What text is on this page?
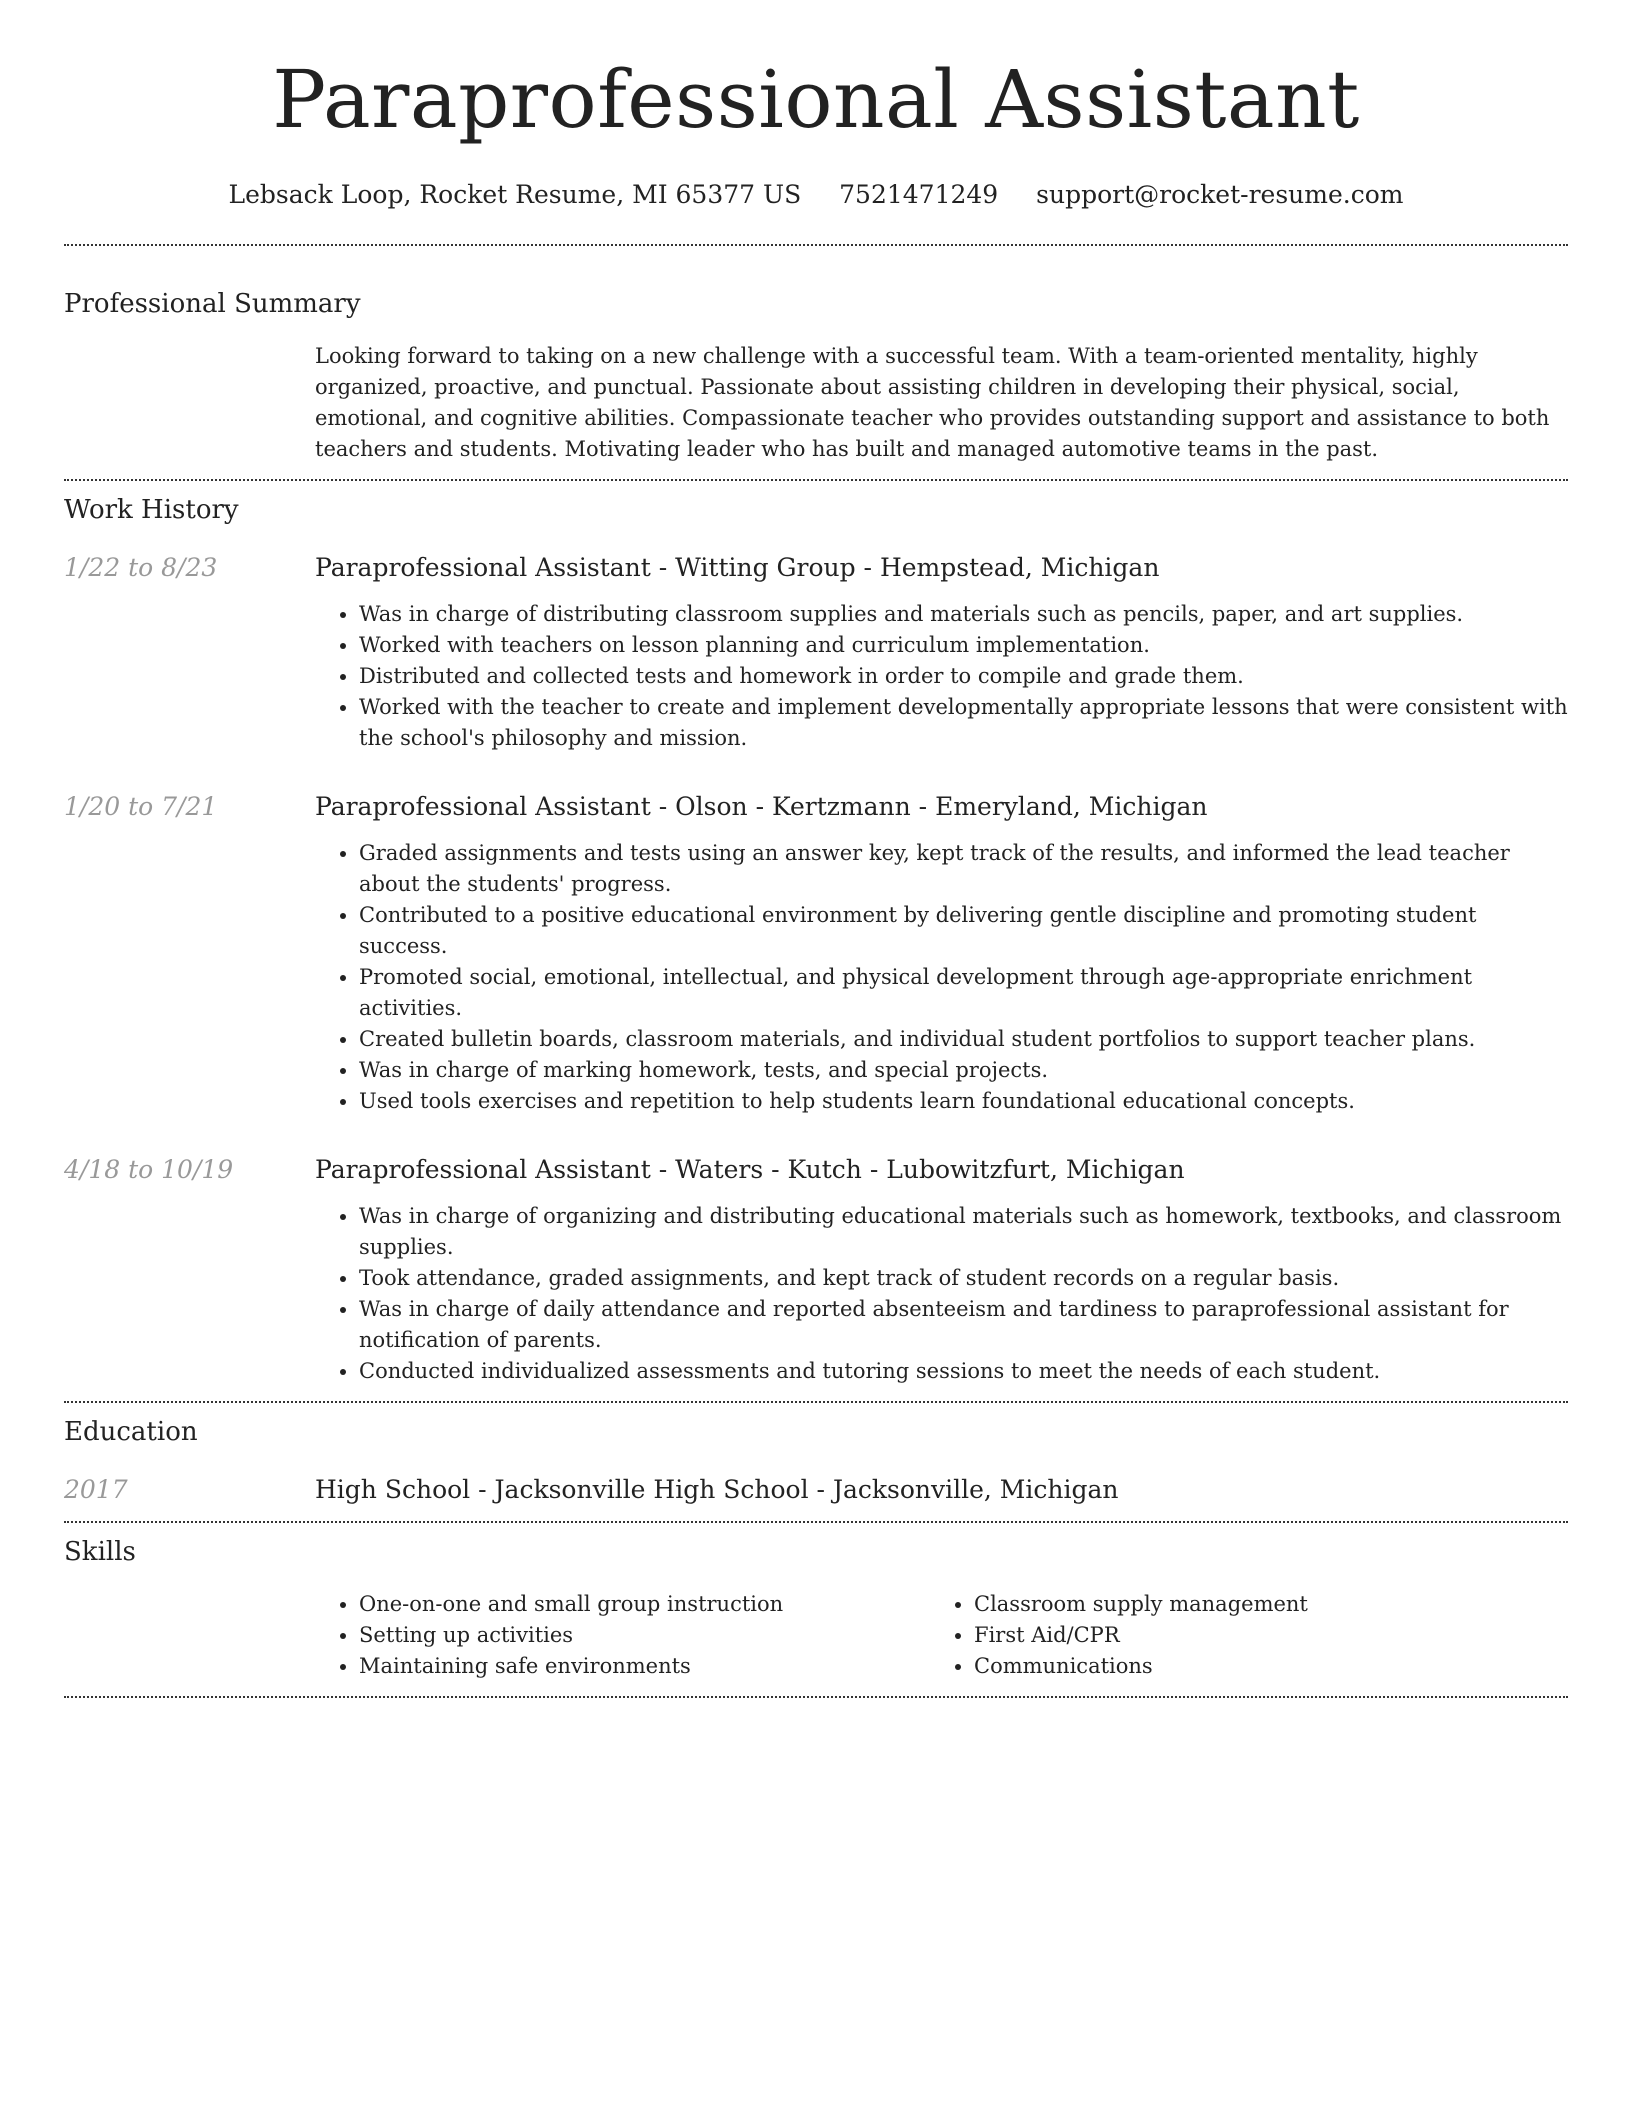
Paraprofessional Assistant
Lebsack Loop, Rocket Resume, MI 65377 US 7521471249 support@rocket-resume.com
Professional Summary

Looking forward to taking on a new challenge with a successful team. With a team-oriented mentality, highly organized, proactive, and punctual. Passionate about assisting children in developing their physical, social, emotional, and cognitive abilities. Compassionate teacher who provides outstanding support and assistance to both teachers and students. Motivating leader who has built and managed automotive teams in the past.

Work History
1/22 to 8/23	Paraprofessional Assistant - Witting Group - Hempstead, Michigan
• Was in charge of distributing classroom supplies and materials such as pencils, paper, and art supplies.
• Worked with teachers on lesson planning and curriculum implementation.
• Distributed and collected tests and homework in order to compile and grade them.
• Worked with the teacher to create and implement developmentally appropriate lessons that were consistent with the school's philosophy and mission.
1/20 to 7/21	Paraprofessional Assistant - Olson - Kertzmann - Emeryland, Michigan
• Graded assignments and tests using an answer key, kept track of the results, and informed the lead teacher about the students' progress.
• Contributed to a positive educational environment by delivering gentle discipline and promoting student success.
• Promoted social, emotional, intellectual, and physical development through age-appropriate enrichment activities.
• Created bulletin boards, classroom materials, and individual student portfolios to support teacher plans.
• Was in charge of marking homework, tests, and special projects.
• Used tools exercises and repetition to help students learn foundational educational concepts.
4/18 to 10/19	Paraprofessional Assistant - Waters - Kutch - Lubowitzfurt, Michigan
• Was in charge of organizing and distributing educational materials such as homework, textbooks, and classroom supplies.
• Took attendance, graded assignments, and kept track of student records on a regular basis.
• Was in charge of daily attendance and reported absenteeism and tardiness to paraprofessional assistant for notification of parents.
• Conducted individualized assessments and tutoring sessions to meet the needs of each student.
Education
2017	High School - Jacksonville High School - Jacksonville, Michigan
Skills
• One-on-one and small group instruction
• Setting up activities
• Maintaining safe environments
• Classroom supply management
• First Aid/CPR
• Communications
